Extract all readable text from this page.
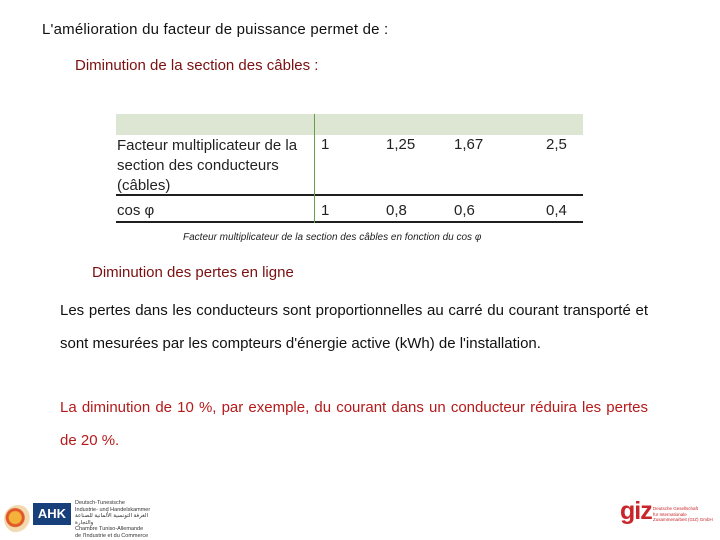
L'amélioration du facteur de puissance permet de :
Diminution de la section des câbles :
Facteur multiplicateur de la section des conducteurs (câbles)
1	1,25	1,67	2,5
cos φ	1	0,8	0,6	0,4
Facteur multiplicateur de la section des câbles en fonction du cos φ
Diminution des pertes en ligne
Les pertes dans les conducteurs sont proportionnelles au carré du courant transporté et sont mesurées par les compteurs d'énergie active (kWh) de l'installation.
La diminution de 10 %, par exemple, du courant dans un conducteur réduira les pertes de 20 %.
AHK
Deutsch-Tunesische
Industrie- und Handelskammer
الغرفة التونسية الألمانية للصناعة والتجارة
Chambre Tuniso-Allemande
de l'Industrie et du Commerce
giz Deutsche Gesellschaft
für Internationale
Zusammenarbeit (GIZ) GmbH
